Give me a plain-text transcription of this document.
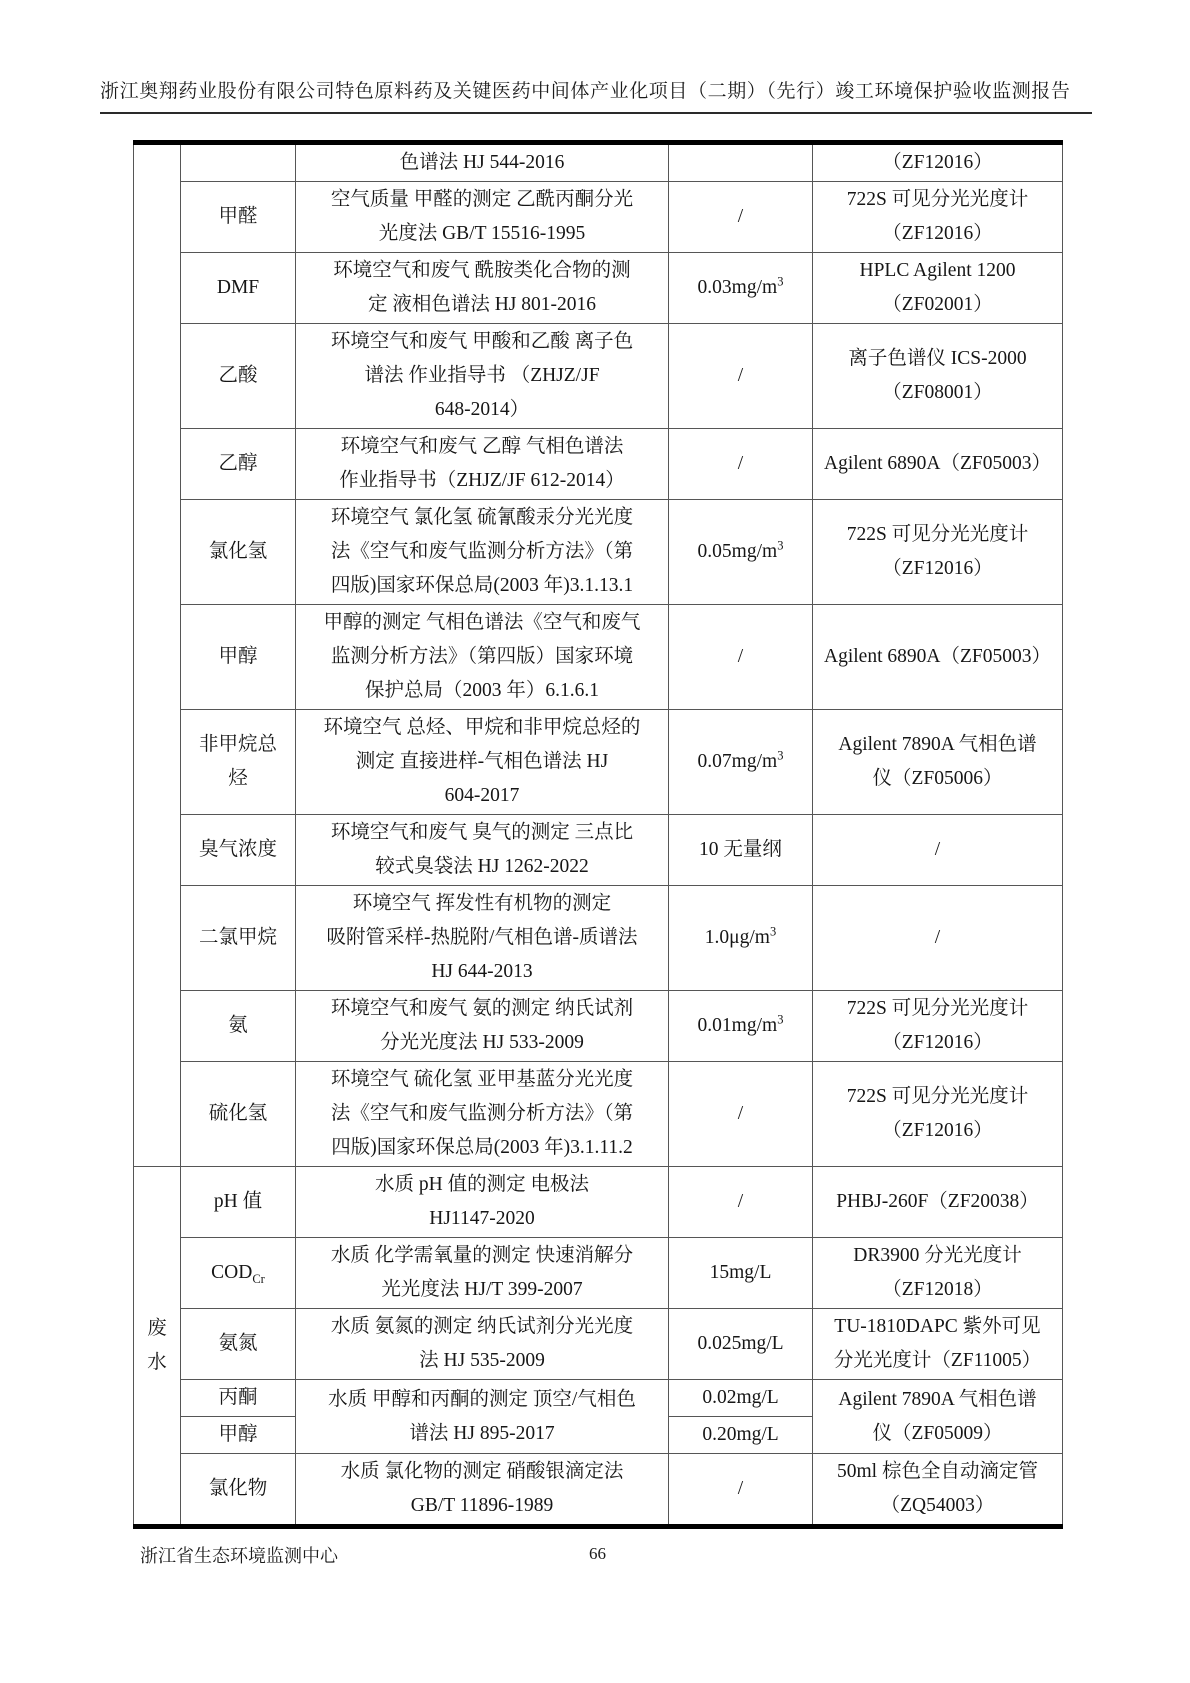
浙江奥翔药业股份有限公司特色原料药及关键医药中间体产业化项目（二期）（先行）竣工环境保护验收监测报告
		色谱法 HJ 544-2016		（ZF12016）
	甲醛	空气质量 甲醛的测定 乙酰丙酮分光
光度法 GB/T 15516-1995	/	722S 可见分光光度计
（ZF12016）
	DMF	环境空气和废气 酰胺类化合物的测
定 液相色谱法 HJ 801-2016	$0.03mg/m^3$	HPLC Agilent 1200
（ZF02001）
	乙酸	环境空气和废气 甲酸和乙酸 离子色
谱法 作业指导书 （ZHJZ/JF
648-2014）	/	离子色谱仪 ICS-2000
（ZF08001）
	乙醇	环境空气和废气 乙醇 气相色谱法
作业指导书（ZHJZ/JF 612-2014）	/	Agilent 6890A（ZF05003）
	氯化氢	环境空气 氯化氢 硫氰酸汞分光光度
法《空气和废气监测分析方法》（第
四版)国家环保总局(2003 年)3.1.13.1	$0.05mg/m^3$	722S 可见分光光度计
（ZF12016）
	甲醇	甲醇的测定 气相色谱法《空气和废气
监测分析方法》（第四版）国家环境
保护总局（2003 年）6.1.6.1	/	Agilent 6890A（ZF05003）
	非甲烷总
烃	环境空气 总烃、甲烷和非甲烷总烃的
测定 直接进样-气相色谱法 HJ
604-2017	$0.07mg/m^3$	Agilent 7890A 气相色谱
仪（ZF05006）
	臭气浓度	环境空气和废气 臭气的测定 三点比
较式臭袋法 HJ 1262-2022	10 无量纲	/
	二氯甲烷	环境空气 挥发性有机物的测定
吸附管采样-热脱附/气相色谱-质谱法
HJ 644-2013	$1.0\mu g/m^3$	/
	氨	环境空气和废气 氨的测定 纳氏试剂
分光光度法 HJ 533-2009	$0.01mg/m^3$	722S 可见分光光度计
（ZF12016）
	硫化氢	环境空气 硫化氢 亚甲基蓝分光光度
法《空气和废气监测分析方法》（第
四版)国家环保总局(2003 年)3.1.11.2	/	722S 可见分光光度计
（ZF12016）
废
水	pH 值	水质 pH 值的测定 电极法
HJ1147-2020	/	PHBJ-260F（ZF20038）
	$COD_{Cr}$	水质 化学需氧量的测定 快速消解分
光光度法 HJ/T 399-2007	15mg/L	DR3900 分光光度计
（ZF12018）
	氨氮	水质 氨氮的测定 纳氏试剂分光光度
法 HJ 535-2009	0.025mg/L	TU-1810DAPC 紫外可见
分光光度计（ZF11005）
	丙酮	水质 甲醇和丙酮的测定 顶空/气相色
谱法 HJ 895-2017	0.02mg/L	Agilent 7890A 气相色谱
仪（ZF05009）
	甲醇		0.20mg/L	
	氯化物	水质 氯化物的测定 硝酸银滴定法
GB/T 11896-1989	/	50ml 棕色全自动滴定管
（ZQ54003）
浙江省生态环境监测中心	66
